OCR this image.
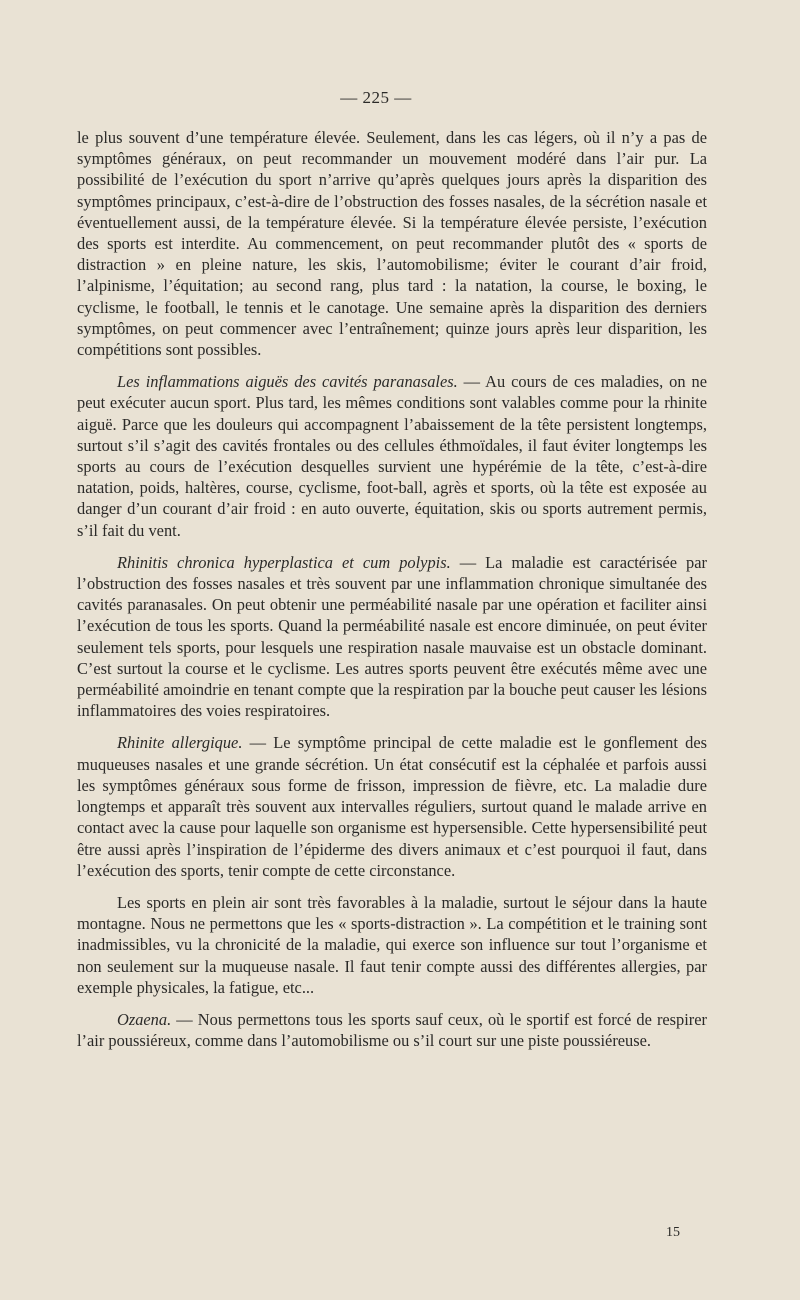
— 225 —

le plus souvent d’une température élevée. Seulement, dans les cas légers, où il n’y a pas de symptômes généraux, on peut recommander un mouvement modéré dans l’air pur. La possibilité de l’exécution du sport n’arrive qu’après quelques jours après la disparition des symptômes principaux, c’est-à-dire de l’obstruction des fosses nasales, de la sécrétion nasale et éventuellement aussi, de la température élevée. Si la température élevée persiste, l’exécution des sports est interdite. Au commencement, on peut recommander plutôt des « sports de distraction » en pleine nature, les skis, l’automobilisme; éviter le courant d’air froid, l’alpinisme, l’équitation; au second rang, plus tard : la natation, la course, le boxing, le cyclisme, le football, le tennis et le canotage. Une semaine après la disparition des derniers symptômes, on peut commencer avec l’entraînement; quinze jours après leur disparition, les compétitions sont possibles.

Les inflammations aiguës des cavités paranasales. — Au cours de ces maladies, on ne peut exécuter aucun sport. Plus tard, les mêmes conditions sont valables comme pour la rhinite aiguë. Parce que les douleurs qui accompagnent l’abaissement de la tête persistent longtemps, surtout s’il s’agit des cavités frontales ou des cellules éthmoïdales, il faut éviter longtemps les sports au cours de l’exécution desquelles survient une hypérémie de la tête, c’est-à-dire natation, poids, haltères, course, cyclisme, foot-ball, agrès et sports, où la tête est exposée au danger d’un courant d’air froid : en auto ouverte, équitation, skis ou sports autrement permis, s’il fait du vent.

Rhinitis chronica hyperplastica et cum polypis. — La maladie est caractérisée par l’obstruction des fosses nasales et très souvent par une inflammation chronique simultanée des cavités paranasales. On peut obtenir une perméabilité nasale par une opération et faciliter ainsi l’exécution de tous les sports. Quand la perméabilité nasale est encore diminuée, on peut éviter seulement tels sports, pour lesquels une respiration nasale mauvaise est un obstacle dominant. C’est surtout la course et le cyclisme. Les autres sports peuvent être exécutés même avec une perméabilité amoindrie en tenant compte que la respiration par la bouche peut causer les lésions inflammatoires des voies respiratoires.

Rhinite allergique. — Le symptôme principal de cette maladie est le gonflement des muqueuses nasales et une grande sécrétion. Un état consécutif est la céphalée et parfois aussi les symptômes généraux sous forme de frisson, impression de fièvre, etc. La maladie dure longtemps et apparaît très souvent aux intervalles réguliers, surtout quand le malade arrive en contact avec la cause pour laquelle son organisme est hypersensible. Cette hypersensibilité peut être aussi après l’inspiration de l’épiderme des divers animaux et c’est pourquoi il faut, dans l’exécution des sports, tenir compte de cette circonstance.

Les sports en plein air sont très favorables à la maladie, surtout le séjour dans la haute montagne. Nous ne permettons que les « sports-distraction ». La compétition et le training sont inadmissibles, vu la chronicité de la maladie, qui exerce son influence sur tout l’organisme et non seulement sur la muqueuse nasale. Il faut tenir compte aussi des différentes allergies, par exemple physicales, la fatigue, etc...

Ozaena. — Nous permettons tous les sports sauf ceux, où le sportif est forcé de respirer l’air poussiéreux, comme dans l’automobilisme ou s’il court sur une piste poussiéreuse.

15
